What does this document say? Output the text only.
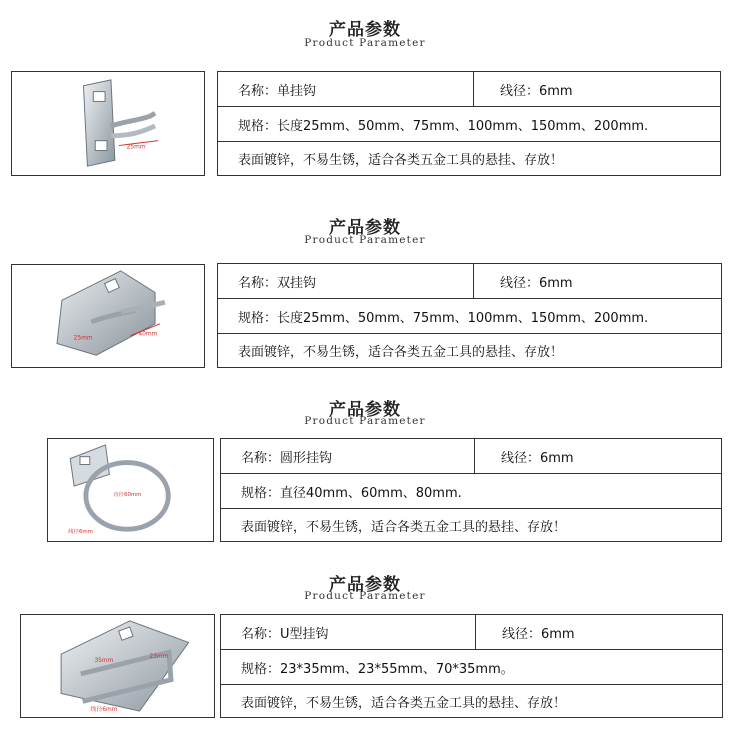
产品参数
Product Parameter
25mm
名称：单挂钩	线径：6mm
规格：长度25mm、50mm、75mm、100mm、150mm、200mm.
表面镀锌，不易生锈，适合各类五金工具的悬挂、存放！
产品参数
Product Parameter
40mm
25mm
名称：双挂钩	线径：6mm
规格：长度25mm、50mm、75mm、100mm、150mm、200mm.
表面镀锌，不易生锈，适合各类五金工具的悬挂、存放！
产品参数
Product Parameter
直径60mm
线径6mm
名称：圆形挂钩	线径：6mm
规格：直径40mm、60mm、80mm.
表面镀锌，不易生锈，适合各类五金工具的悬挂、存放！
产品参数
Product Parameter
35mm
23mm
线径6mm
名称：U型挂钩	线径：6mm
规格：23*35mm、23*55mm、70*35mm。
表面镀锌，不易生锈，适合各类五金工具的悬挂、存放！
